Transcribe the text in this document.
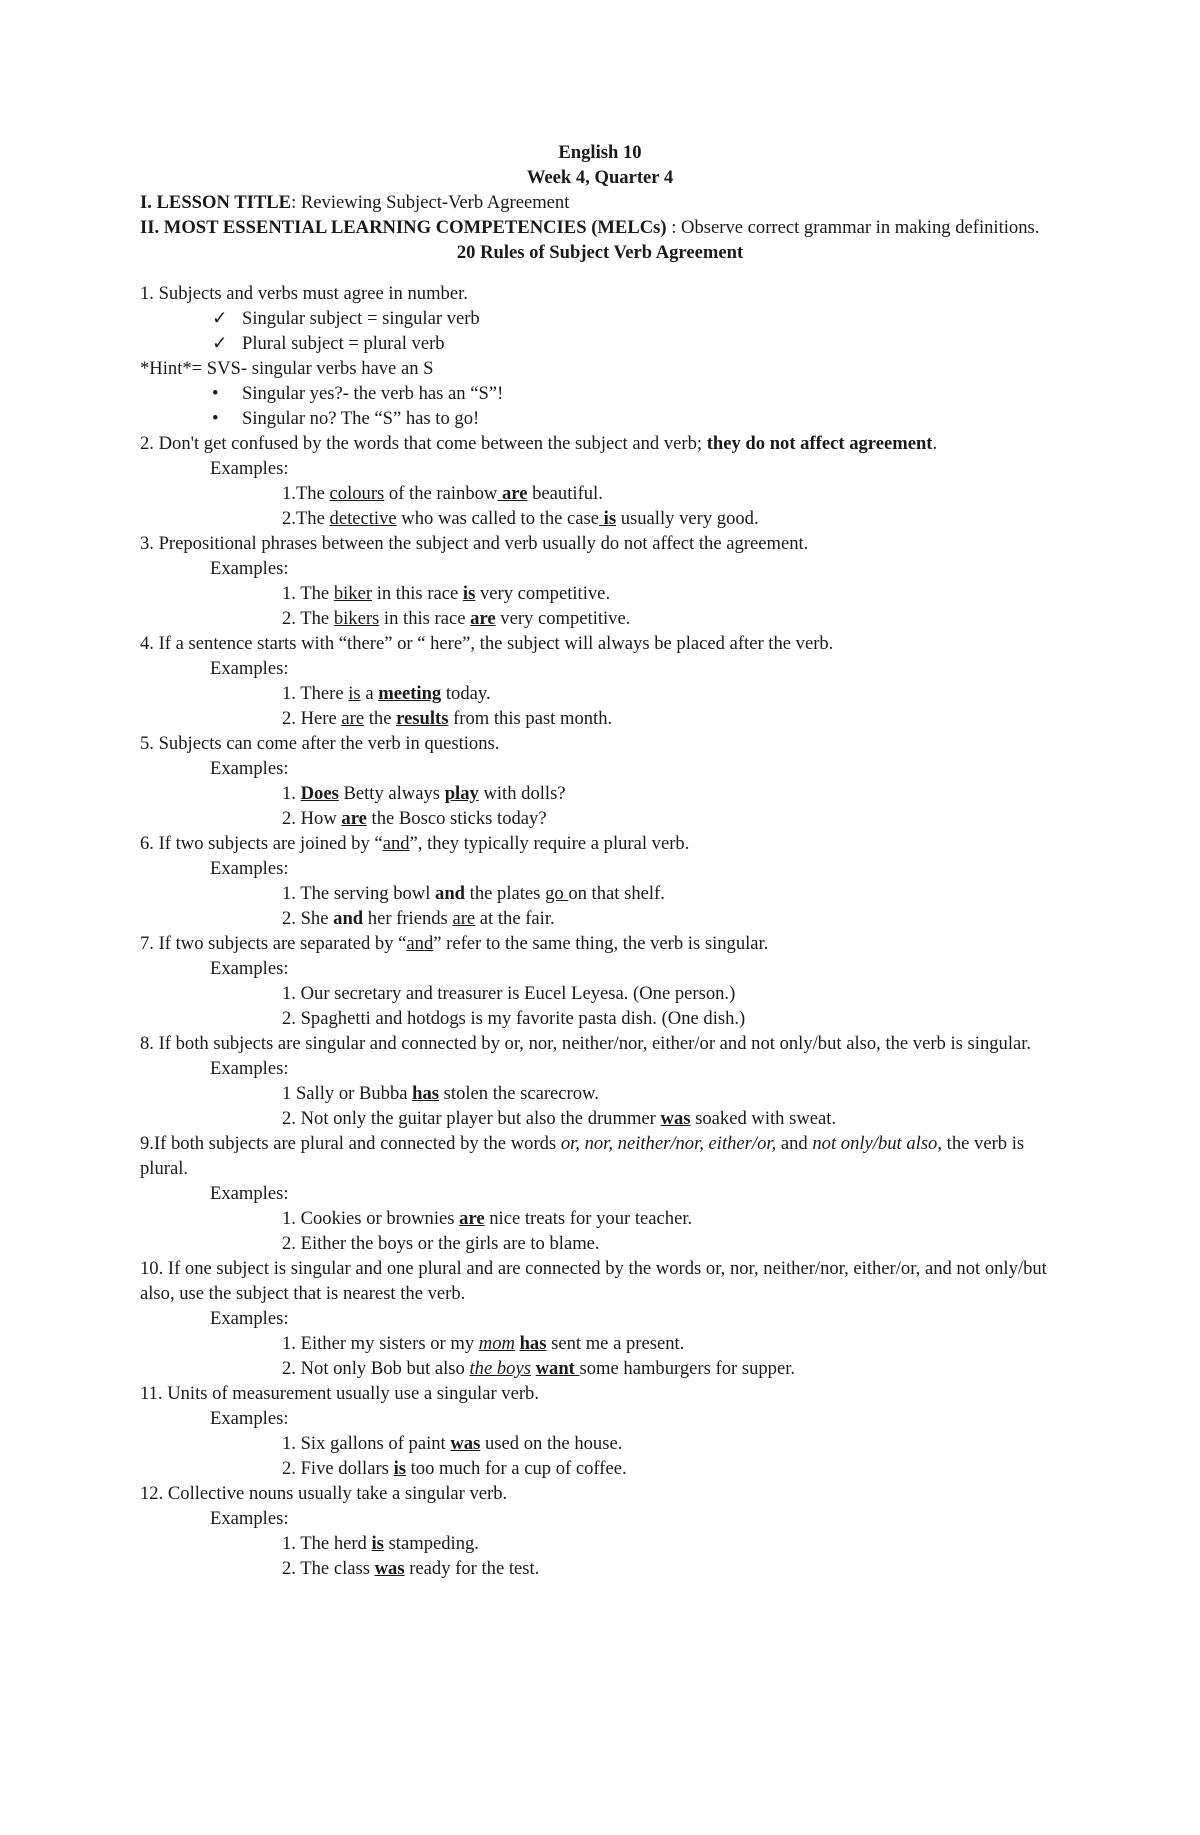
English 10
Week 4, Quarter 4
I. LESSON TITLE: Reviewing Subject-Verb Agreement
II. MOST ESSENTIAL LEARNING COMPETENCIES (MELCs) : Observe correct grammar in making definitions.
20 Rules of Subject Verb Agreement
1. Subjects and verbs must agree in number.
✓ Singular subject = singular verb
✓ Plural subject = plural verb
*Hint*= SVS- singular verbs have an S
• Singular yes?- the verb has an “S”!
• Singular no? The “S” has to go!
2. Don't get confused by the words that come between the subject and verb; they do not affect agreement.
Examples:
1.The colours of the rainbow are beautiful.
2.The detective who was called to the case is usually very good.
3. Prepositional phrases between the subject and verb usually do not affect the agreement.
Examples:
1. The biker in this race is very competitive.
2. The bikers in this race are very competitive.
4. If a sentence starts with “there” or “ here”, the subject will always be placed after the verb.
Examples:
1. There is a meeting today.
2. Here are the results from this past month.
5. Subjects can come after the verb in questions.
Examples:
1. Does Betty always play with dolls?
2. How are the Bosco sticks today?
6. If two subjects are joined by “and”, they typically require a plural verb.
Examples:
1. The serving bowl and the plates go on that shelf.
2. She and her friends are at the fair.
7. If two subjects are separated by “and” refer to the same thing, the verb is singular.
Examples:
1. Our secretary and treasurer is Eucel Leyesa. (One person.)
2. Spaghetti and hotdogs is my favorite pasta dish. (One dish.)
8. If both subjects are singular and connected by or, nor, neither/nor, either/or and not only/but also, the verb is singular.
Examples:
1 Sally or Bubba has stolen the scarecrow.
2. Not only the guitar player but also the drummer was soaked with sweat.
9.If both subjects are plural and connected by the words or, nor, neither/nor, either/or, and not only/but also, the verb is plural.
Examples:
1. Cookies or brownies are nice treats for your teacher.
2. Either the boys or the girls are to blame.
10. If one subject is singular and one plural and are connected by the words or, nor, neither/nor, either/or, and not only/but also, use the subject that is nearest the verb.
Examples:
1. Either my sisters or my mom has sent me a present.
2. Not only Bob but also the boys want some hamburgers for supper.
11. Units of measurement usually use a singular verb.
Examples:
1. Six gallons of paint was used on the house.
2. Five dollars is too much for a cup of coffee.
12. Collective nouns usually take a singular verb.
Examples:
1. The herd is stampeding.
2. The class was ready for the test.
